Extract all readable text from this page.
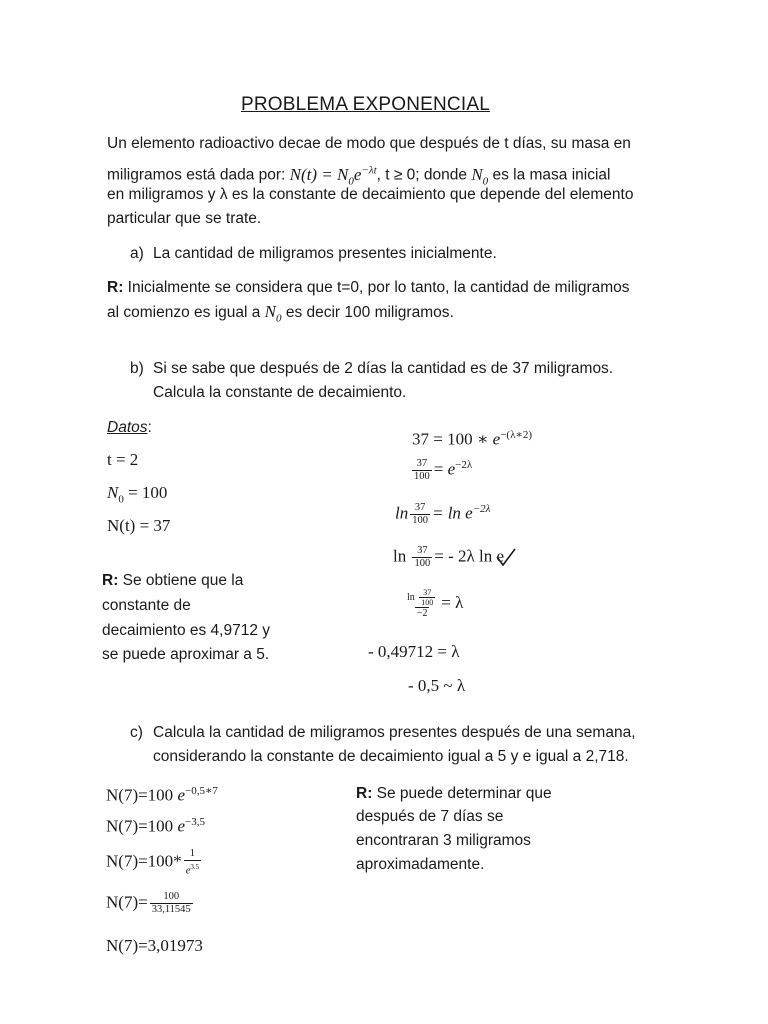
PROBLEMA EXPONENCIAL
Un elemento radioactivo decae de modo que después de t días, su masa en
miligramos está dada por: $N(t) = N_0e^{-\lambda t}$, t ≥ 0; donde $N_0$ es la masa inicial
en miligramos y λ es la constante de decaimiento que depende del elemento
particular que se trate.
a) La cantidad de miligramos presentes inicialmente.
R: Inicialmente se considera que t=0, por lo tanto, la cantidad de miligramos
al comienzo es igual a $N_0$ es decir 100 miligramos.
b) Si se sabe que después de 2 días la cantidad es de 37 miligramos.
Calcula la constante de decaimiento.
Datos:
t = 2
$N_0 = 100$
N(t) = 37
R: Se obtiene que la
constante de
decaimiento es 4,9712 y
se puede aproximar a 5.
37 = 100 ∗ $e^{-(\lambda∗2)}$
$\frac{37}{100} = e^{-2\lambda}$
$\ln \frac{37}{100} = \ln e^{-2\lambda}$
$\ln \frac{37}{100}$ = - 2λ ln e
$\frac{\ln \frac{37}{100}}{-2} = \lambda$
- 0,49712 = λ
- 0,5 ~ λ
c) Calcula la cantidad de miligramos presentes después de una semana,
considerando la constante de decaimiento igual a 5 y e igual a 2,718.
N(7)=100 $e^{-0,5∗7}$
N(7)=100 $e^{-3,5}$
$N(7)=100* \frac{1}{e^{3.5}}$
$N(7)= \frac{100}{33,11545}$
N(7)=3,01973
R: Se puede determinar que
después de 7 días se
encontraran 3 miligramos
aproximadamente.
